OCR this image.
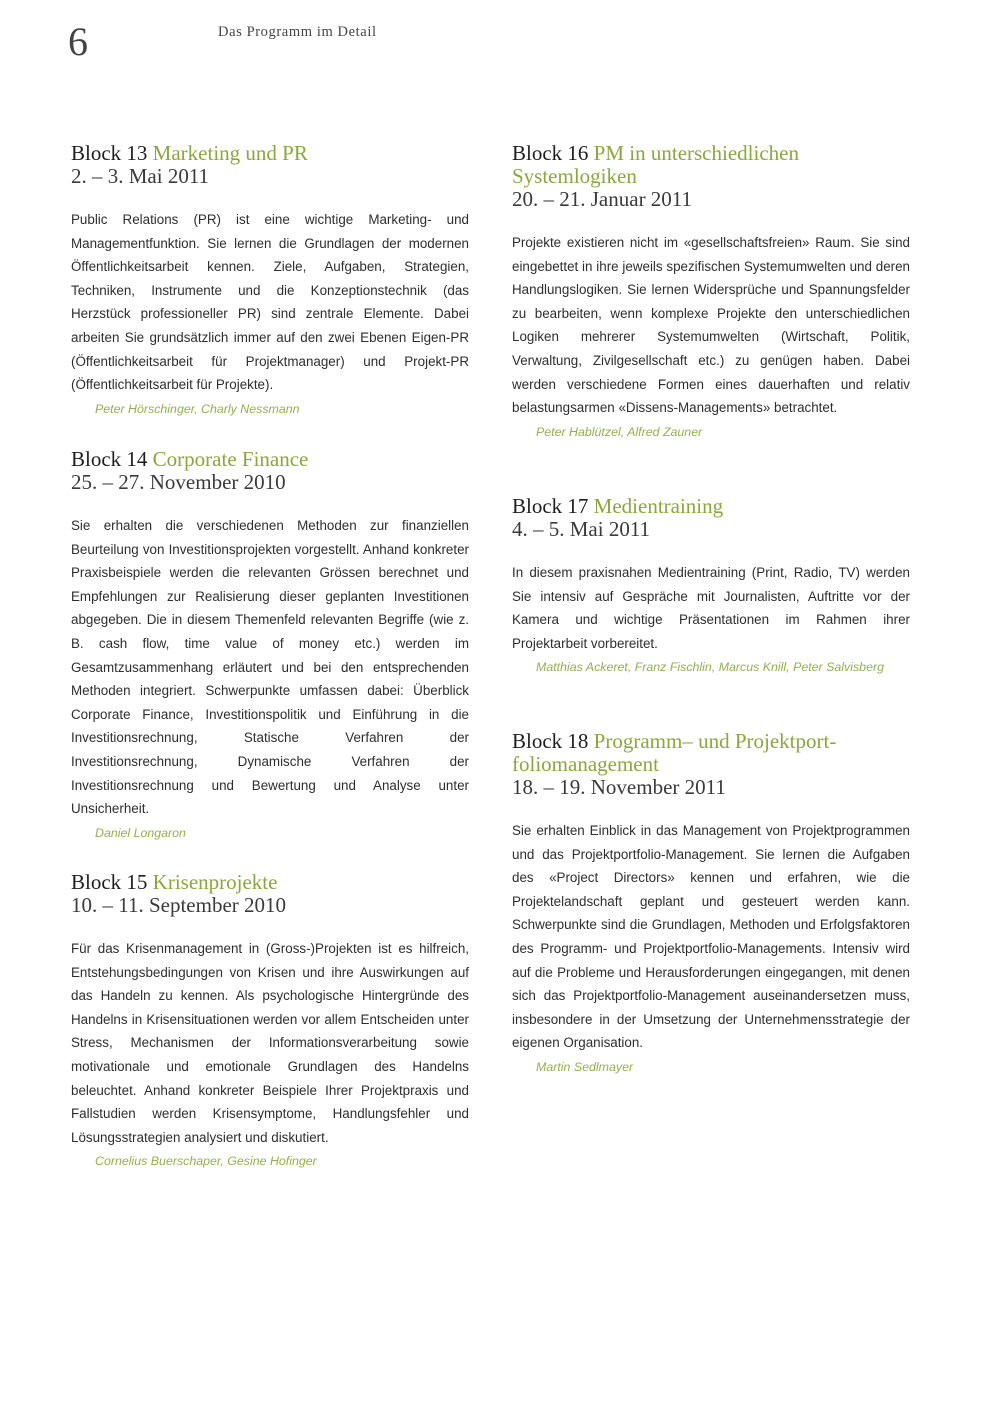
6	Das Programm im Detail
Block 13 Marketing und PR
2. – 3. Mai 2011

Public Relations (PR) ist eine wichtige Marketing- und Managementfunktion. Sie lernen die Grundlagen der modernen Öffentlichkeitsarbeit kennen. Ziele, Aufgaben, Strategien, Techniken, Instrumente und die Konzeptionstechnik (das Herzstück professioneller PR) sind zentrale Elemente. Dabei arbeiten Sie grundsätzlich immer auf den zwei Ebenen Eigen-PR (Öffentlichkeitsarbeit für Projektmanager) und Projekt-PR (Öffentlichkeitsarbeit für Projekte).

Peter Hörschinger, Charly Nessmann
Block 14 Corporate Finance
25. – 27. November 2010

Sie erhalten die verschiedenen Methoden zur finanziellen Beurteilung von Investitionsprojekten vorgestellt. Anhand konkreter Praxisbeispiele werden die relevanten Grössen berechnet und Empfehlungen zur Realisierung dieser geplanten Investitionen abgegeben. Die in diesem Themenfeld relevanten Begriffe (wie z. B. cash flow, time value of money etc.) werden im Gesamtzusammenhang erläutert und bei den entsprechenden Methoden integriert. Schwerpunkte umfassen dabei: Überblick Corporate Finance, Investitionspolitik und Einführung in die Investitionsrechnung, Statische Verfahren der Investitionsrechnung, Dynamische Verfahren der Investitionsrechnung und Bewertung und Analyse unter Unsicherheit.

Daniel Longaron
Block 15 Krisenprojekte
10. – 11. September 2010

Für das Krisenmanagement in (Gross-)Projekten ist es hilfreich, Entstehungsbedingungen von Krisen und ihre Auswirkungen auf das Handeln zu kennen. Als psychologische Hintergründe des Handelns in Krisensituationen werden vor allem Entscheiden unter Stress, Mechanismen der Informationsverarbeitung sowie motivationale und emotionale Grundlagen des Handelns beleuchtet. Anhand konkreter Beispiele Ihrer Projektpraxis und Fallstudien werden Krisensymptome, Handlungsfehler und Lösungsstrategien analysiert und diskutiert.

Cornelius Buerschaper, Gesine Hofinger
Block 16 PM in unterschiedlichen
Systemlogiken
20. – 21. Januar 2011

Projekte existieren nicht im «gesellschaftsfreien» Raum. Sie sind eingebettet in ihre jeweils spezifischen Systemumwelten und deren Handlungslogiken. Sie lernen Widersprüche und Spannungsfelder zu bearbeiten, wenn komplexe Projekte den unterschiedlichen Logiken mehrerer Systemumwelten (Wirtschaft, Politik, Verwaltung, Zivilgesellschaft etc.) zu genügen haben. Dabei werden verschiedene Formen eines dauerhaften und relativ belastungsarmen «Dissens-Managements» betrachtet.

Peter Hablützel, Alfred Zauner
Block 17 Medientraining
4. – 5. Mai 2011

In diesem praxisnahen Medientraining (Print, Radio, TV) werden Sie intensiv auf Gespräche mit Journalisten, Auftritte vor der Kamera und wichtige Präsentationen im Rahmen ihrer Projektarbeit vorbereitet.

Matthias Ackeret, Franz Fischlin, Marcus Knill, Peter Salvisberg
Block 18 Programm– und Projektport-
foliomanagement
18. – 19. November 2011

Sie erhalten Einblick in das Management von Projektprogrammen und das Projektportfolio-Management. Sie lernen die Aufgaben des «Project Directors» kennen und erfahren, wie die Projektelandschaft geplant und gesteuert werden kann. Schwerpunkte sind die Grundlagen, Methoden und Erfolgsfaktoren des Programm- und Projektportfolio-Managements. Intensiv wird auf die Probleme und Herausforderungen eingegangen, mit denen sich das Projektportfolio-Management auseinandersetzen muss, insbesondere in der Umsetzung der Unternehmensstrategie der eigenen Organisation.

Martin Sedlmayer
